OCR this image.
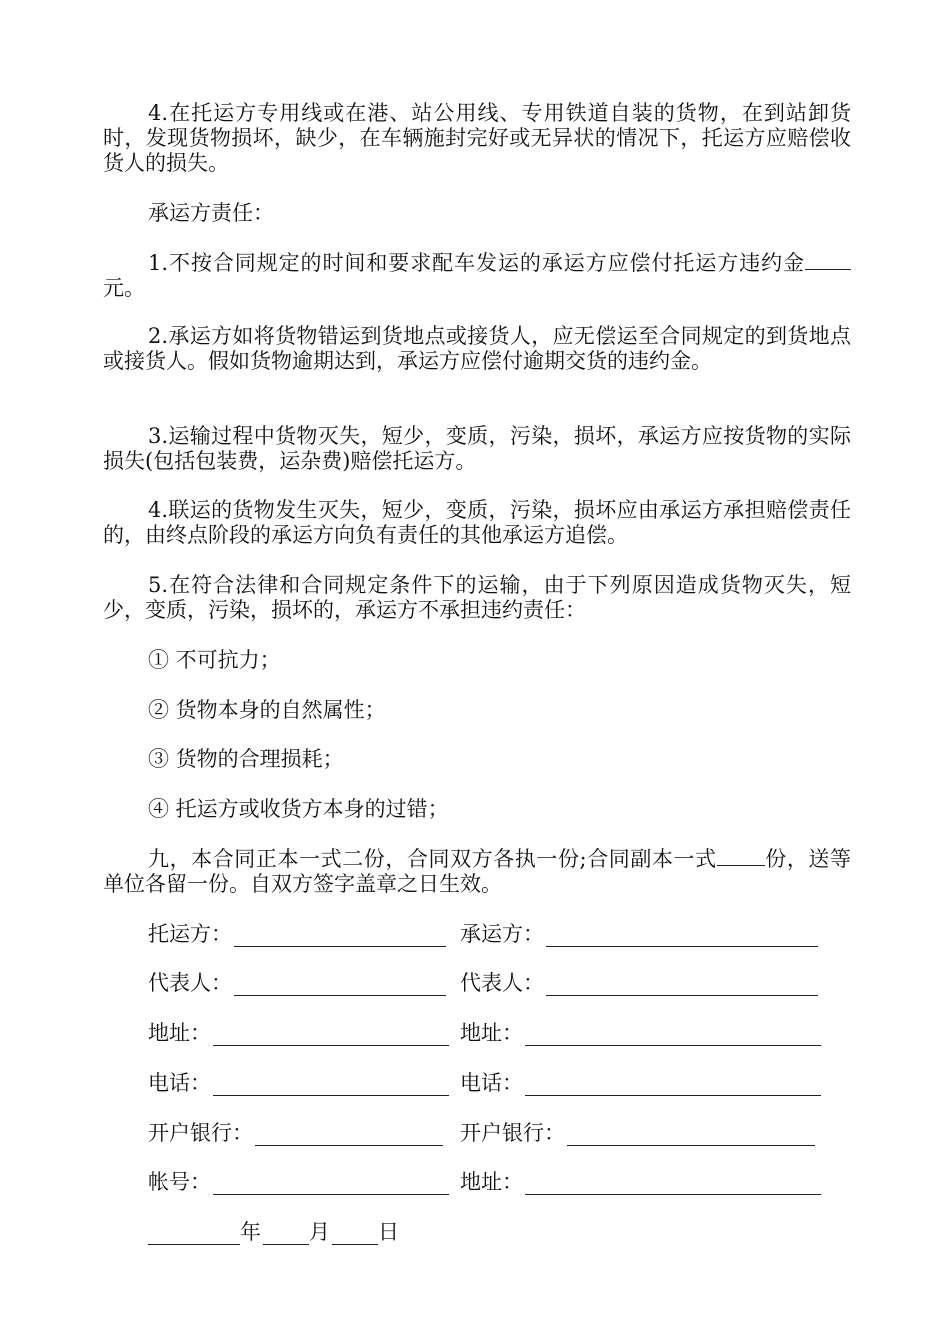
4.在托运方专用线或在港、站公用线、专用铁道自装的货物，在到站卸货时，发现货物损坏，缺少，在车辆施封完好或无异状的情况下，托运方应赔偿收货人的损失。

承运方责任：

1.不按合同规定的时间和要求配车发运的承运方应偿付托运方违约金元。

2.承运方如将货物错运到货地点或接货人，应无偿运至合同规定的到货地点或接货人。假如货物逾期达到，承运方应偿付逾期交货的违约金。

3.运输过程中货物灭失，短少，变质，污染，损坏，承运方应按货物的实际损失(包括包装费，运杂费)赔偿托运方。

4.联运的货物发生灭失，短少，变质，污染，损坏应由承运方承担赔偿责任的，由终点阶段的承运方向负有责任的其他承运方追偿。

5.在符合法律和合同规定条件下的运输，由于下列原因造成货物灭失，短少，变质，污染，损坏的，承运方不承担违约责任：

① 不可抗力；

② 货物本身的自然属性；

③ 货物的合理损耗；

④ 托运方或收货方本身的过错；

九，本合同正本一式二份，合同双方各执一份;合同副本一式 份，送等单位各留一份。自双方签字盖章之日生效。

托运方：	承运方：
代表人：	代表人：
地址：	地址：
电话：	电话：
开户银行：	开户银行：
帐号：	地址：
年 月 日
